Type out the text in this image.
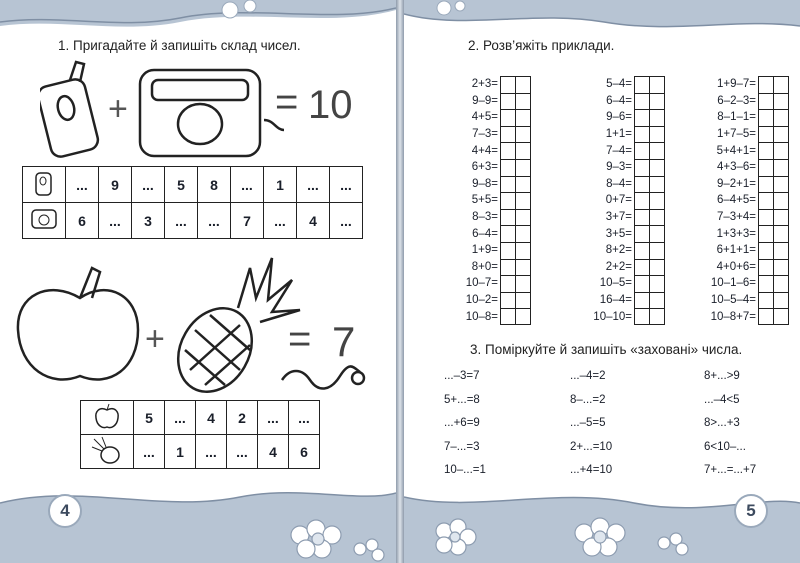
1. Пригадайте й запишіть склад чисел.
+	= 10
	...	9	...	5	8	...	1	...	...
	6	...	3	...	...	7	...	4	...
+	= 7
	5	...	4	2	...	...
	...	1	...	...	4	6
4
2. Розв’яжіть приклади.
2+3=
9–9=
4+5=
7–3=
4+4=
6+3=
9–8=
5+5=
8–3=
6–4=
1+9=
8+0=
10–7=
10–2=
10–8=
5–4=
6–4=
9–6=
1+1=
7–4=
9–3=
8–4=
0+7=
3+7=
3+5=
8+2=
2+2=
10–5=
16–4=
10–10=
1+9–7=
6–2–3=
8–1–1=
1+7–5=
5+4+1=
4+3–6=
9–2+1=
6–4+5=
7–3+4=
1+3+3=
6+1+1=
4+0+6=
10–1–6=
10–5–4=
10–8+7=
3. Поміркуйте й запишіть «заховані» числа.
...–3=7
5+...=8
...+6=9
7–...=3
10–...=1
...–4=2
8–...=2
...–5=5
2+...=10
...+4=10
8+...>9
...–4<5
8>...+3
6<10–...
7+...=...+7
5
